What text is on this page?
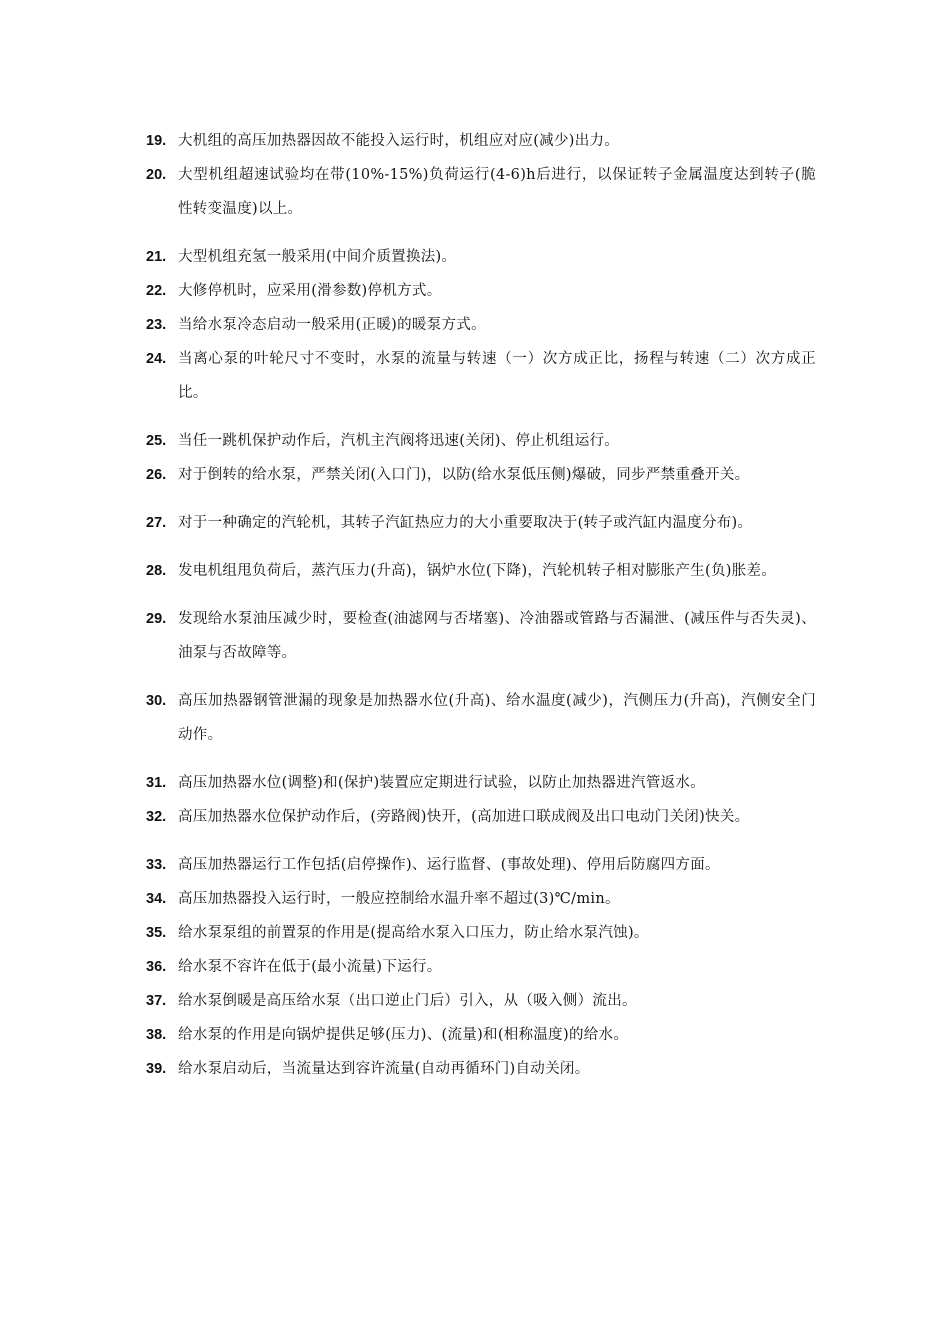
19. 大机组的高压加热器因故不能投入运行时，机组应对应(减少)出力。
20. 大型机组超速试验均在带(10%-15%)负荷运行(4-6)h后进行，以保证转子金属温度达到转子(脆性转变温度)以上。
21. 大型机组充氢一般采用(中间介质置换法)。
22. 大修停机时，应采用(滑参数)停机方式。
23. 当给水泵冷态启动一般采用(正暖)的暖泵方式。
24. 当离心泵的叶轮尺寸不变时，水泵的流量与转速（一）次方成正比，扬程与转速（二）次方成正比。
25. 当任一跳机保护动作后，汽机主汽阀将迅速(关闭)、停止机组运行。
26. 对于倒转的给水泵，严禁关闭(入口门)，以防(给水泵低压侧)爆破，同步严禁重叠开关。
27. 对于一种确定的汽轮机，其转子汽缸热应力的大小重要取决于(转子或汽缸内温度分布)。
28. 发电机组甩负荷后，蒸汽压力(升高)，锅炉水位(下降)，汽轮机转子相对膨胀产生(负)胀差。
29. 发现给水泵油压减少时，要检查(油滤网与否堵塞)、冷油器或管路与否漏泄、(减压件与否失灵)、油泵与否故障等。
30. 高压加热器钢管泄漏的现象是加热器水位(升高)、给水温度(减少)，汽侧压力(升高)，汽侧安全门动作。
31. 高压加热器水位(调整)和(保护)装置应定期进行试验，以防止加热器进汽管返水。
32. 高压加热器水位保护动作后，(旁路阀)快开，(高加进口联成阀及出口电动门关闭)快关。
33. 高压加热器运行工作包括(启停操作)、运行监督、(事故处理)、停用后防腐四方面。
34. 高压加热器投入运行时，一般应控制给水温升率不超过(3)℃/min。
35. 给水泵泵组的前置泵的作用是(提高给水泵入口压力，防止给水泵汽蚀)。
36. 给水泵不容许在低于(最小流量)下运行。
37. 给水泵倒暖是高压给水泵（出口逆止门后）引入，从（吸入侧）流出。
38. 给水泵的作用是向锅炉提供足够(压力)、(流量)和(相称温度)的给水。
39. 给水泵启动后，当流量达到容许流量(自动再循环门)自动关闭。
